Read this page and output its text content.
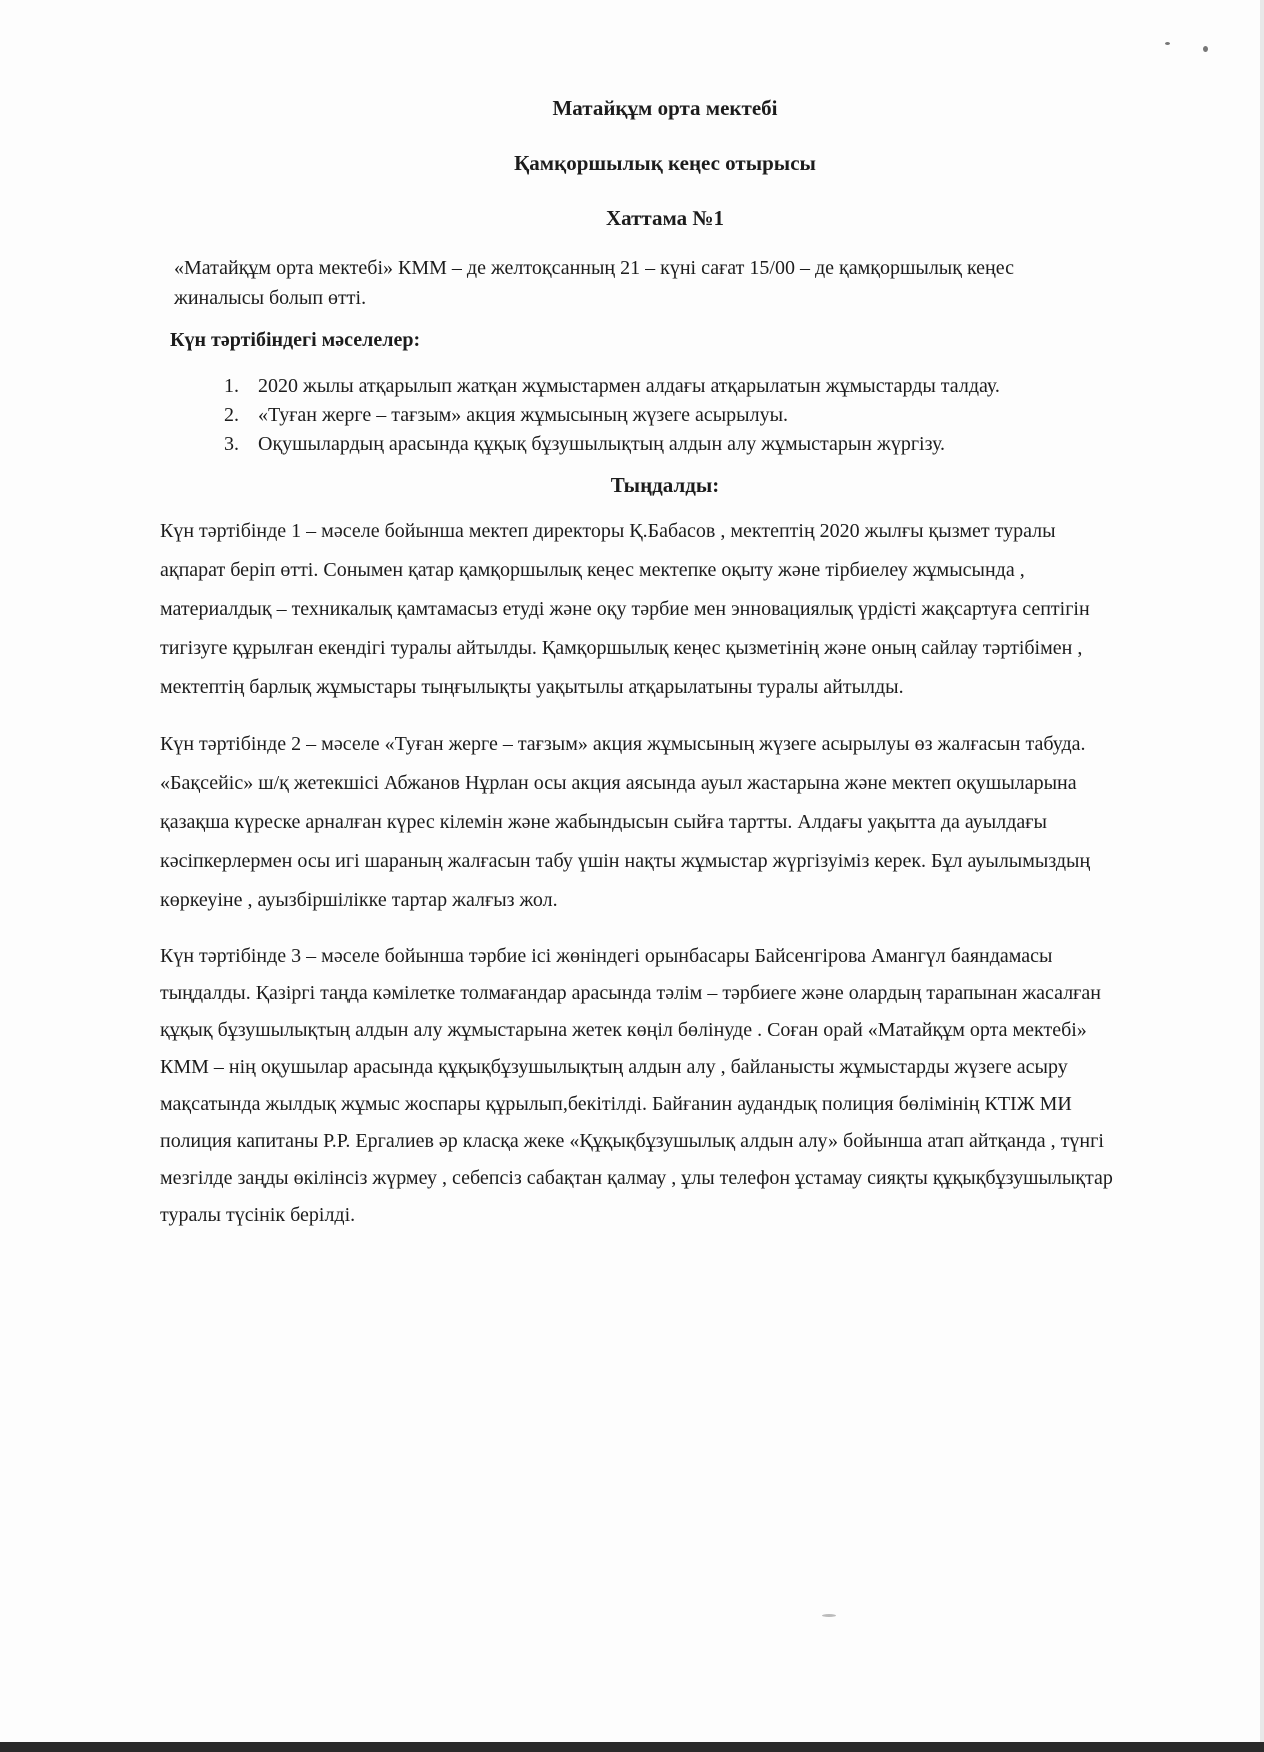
Матайқұм орта мектебі
Қамқоршылық кеңес отырысы
Хаттама №1

«Матайқұм орта мектебі» КММ – де желтоқсанның 21 – күні сағат 15/00 – де қамқоршылық кеңес жиналысы болып өтті.

Күн тәртібіндегі мәселелер:
1. 2020 жылы атқарылып жатқан жұмыстармен алдағы атқарылатын жұмыстарды талдау.
2. «Туған жерге – тағзым» акция жұмысының жүзеге асырылуы.
3. Оқушылардың арасында құқық бұзушылықтың алдын алу жұмыстарын жүргізу.
Тыңдалды:

Күн тәртібінде 1 – мәселе бойынша мектеп директоры Қ.Бабасов , мектептің 2020 жылғы қызмет туралы ақпарат беріп өтті. Сонымен қатар қамқоршылық кеңес мектепке оқыту және тірбиелеу жұмысында , материалдық – техникалық қамтамасыз етуді және оқу тәрбие мен энновациялық үрдісті жақсартуға септігін тигізуге құрылған екендігі туралы айтылды. Қамқоршылық кеңес қызметінің және оның сайлау тәртібімен , мектептің барлық жұмыстары тыңғылықты уақытылы атқарылатыны туралы айтылды.

Күн тәртібінде 2 – мәселе «Туған жерге – тағзым» акция жұмысының жүзеге асырылуы өз жалғасын табуда. «Бақсейіс» ш/қ жетекшісі Абжанов Нұрлан осы акция аясында ауыл жастарына және мектеп оқушыларына қазақша күреске арналған күрес кілемін және жабындысын сыйға тартты. Алдағы уақытта да ауылдағы кәсіпкерлермен осы игі шараның жалғасын табу үшін нақты жұмыстар жүргізуіміз керек. Бұл ауылымыздың көркеуіне , ауызбіршілікке тартар жалғыз жол.

Күн тәртібінде 3 – мәселе бойынша тәрбие ісі жөніндегі орынбасары Байсенгірова Амангүл баяндамасы тыңдалды. Қазіргі таңда кәмілетке толмағандар арасында тәлім – тәрбиеге және олардың тарапынан жасалған құқық бұзушылықтың алдын алу жұмыстарына жетек көңіл бөлінуде . Соған орай «Матайқұм орта мектебі» КММ – нің оқушылар арасында құқықбұзушылықтың алдын алу , байланысты жұмыстарды жүзеге асыру мақсатында жылдық жұмыс жоспары құрылып,бекітілді. Байғанин аудандық полиция бөлімінің КТІЖ МИ полиция капитаны Р.Р. Ергалиев әр класқа жеке «Құқықбұзушылық алдын алу» бойынша атап айтқанда , түнгі мезгілде заңды өкілінсіз жүрмеу , себепсіз сабақтан қалмау , ұлы телефон ұстамау сияқты құқықбұзушылықтар туралы түсінік берілді.
